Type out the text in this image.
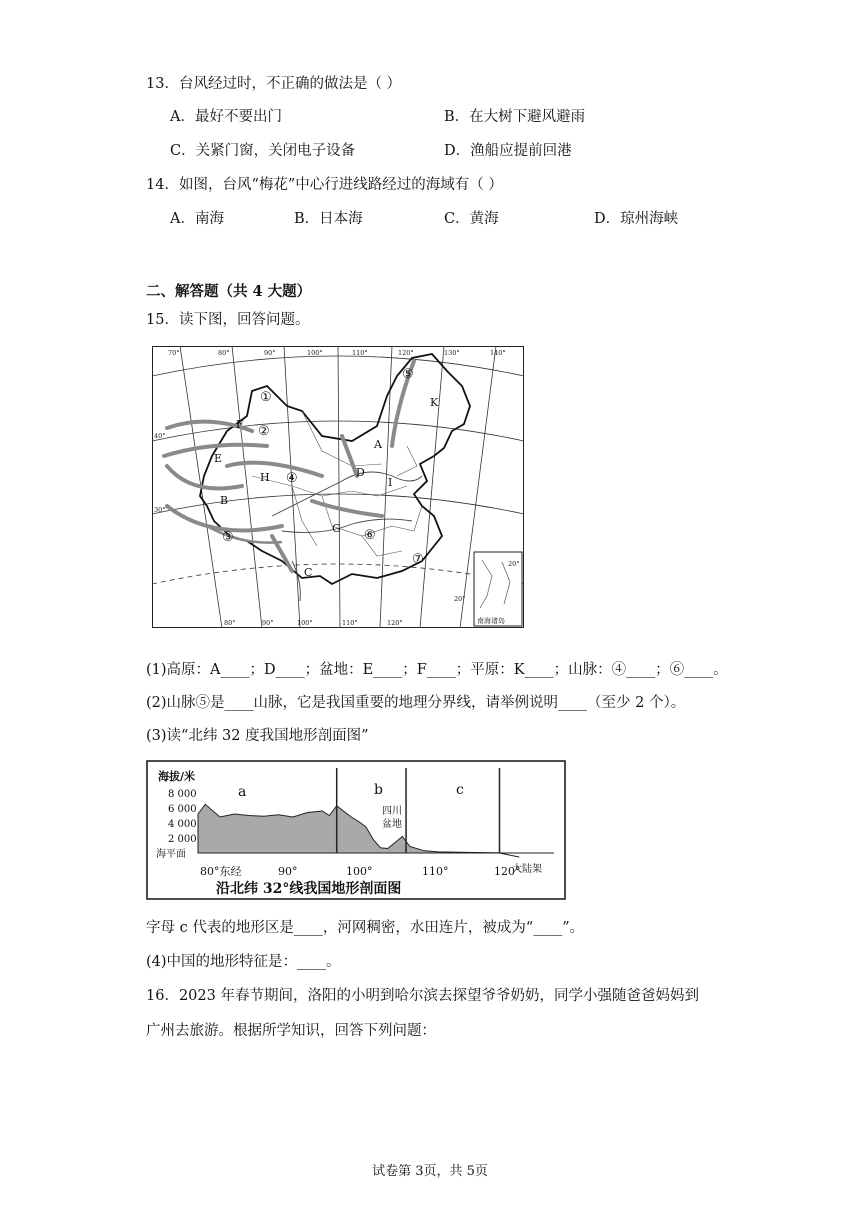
13．台风经过时，不正确的做法是（ ）
A．最好不要出门	B．在大树下避风避雨
C．关紧门窗，关闭电子设备	D．渔船应提前回港
14．如图，台风“梅花”中心行进线路经过的海域有（ ）
A．南海	B．日本海	C．黄海	D．琼州海峡
二、解答题（共 4 大题）
15．读下图，回答问题。
南海诸岛
70°	80°	90°	100°	110°	120°	130°	140°
80°	90°	100°	110°	120°
40°
30°
20°
20°
A
B
C
D
E
F
G
H	I
K
①
②
③
④
⑤
⑥
⑦
(1)高原：A____；D____；盆地：E____；F____；平原：K____；山脉：④____；⑥____。
(2)山脉⑤是____山脉，它是我国重要的地理分界线，请举例说明____（至少 2 个）。
(3)读“北纬 32 度我国地形剖面图”
海拔/米
8 000
6 000
4 000
2 000
海平面
80°东经	90°	100°	110°	120°
大陆架
a	b	c
四川
盆地
沿北纬 32°线我国地形剖面图
字母 c 代表的地形区是____，河网稠密，水田连片，被成为“____”。
(4)中国的地形特征是：____。
16．2023 年春节期间，洛阳的小明到哈尔滨去探望爷爷奶奶，同学小强随爸爸妈妈到
广州去旅游。根据所学知识，回答下列问题：
试卷第 3页，共 5页
